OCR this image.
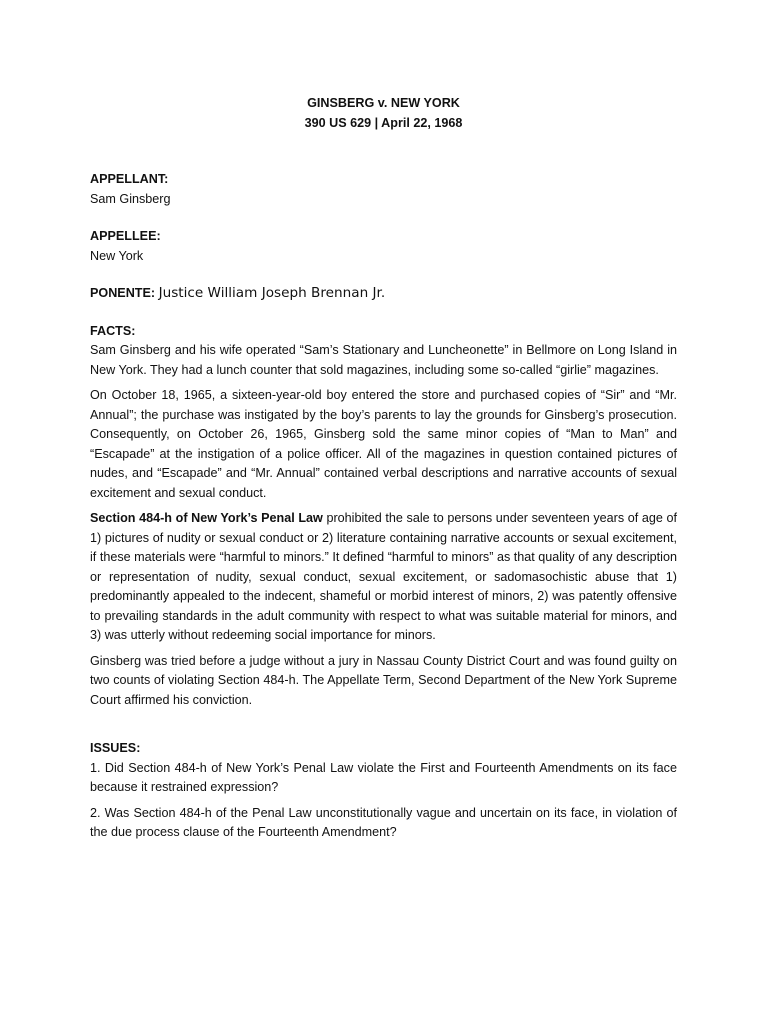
GINSBERG v. NEW YORK

390 US 629 | April 22, 1968

APPELLANT:

Sam Ginsberg

APPELLEE:

New York

PONENTE: Justice William Joseph Brennan Jr.

FACTS:

Sam Ginsberg and his wife operated “Sam’s Stationary and Luncheonette” in Bellmore on Long Island in New York. They had a lunch counter that sold magazines, including some so-called “girlie” magazines.

On October 18, 1965, a sixteen-year-old boy entered the store and purchased copies of “Sir” and “Mr. Annual”; the purchase was instigated by the boy’s parents to lay the grounds for Ginsberg’s prosecution. Consequently, on October 26, 1965, Ginsberg sold the same minor copies of “Man to Man” and “Escapade” at the instigation of a police officer. All of the magazines in question contained pictures of nudes, and “Escapade” and “Mr. Annual” contained verbal descriptions and narrative accounts of sexual excitement and sexual conduct.

Section 484-h of New York’s Penal Law prohibited the sale to persons under seventeen years of age of 1) pictures of nudity or sexual conduct or 2) literature containing narrative accounts or sexual excitement, if these materials were “harmful to minors.” It defined “harmful to minors” as that quality of any description or representation of nudity, sexual conduct, sexual excitement, or sadomasochistic abuse that 1) predominantly appealed to the indecent, shameful or morbid interest of minors, 2) was patently offensive to prevailing standards in the adult community with respect to what was suitable material for minors, and 3) was utterly without redeeming social importance for minors.

Ginsberg was tried before a judge without a jury in Nassau County District Court and was found guilty on two counts of violating Section 484-h. The Appellate Term, Second Department of the New York Supreme Court affirmed his conviction.

ISSUES:

1. Did Section 484-h of New York’s Penal Law violate the First and Fourteenth Amendments on its face because it restrained expression?

2. Was Section 484-h of the Penal Law unconstitutionally vague and uncertain on its face, in violation of the due process clause of the Fourteenth Amendment?
